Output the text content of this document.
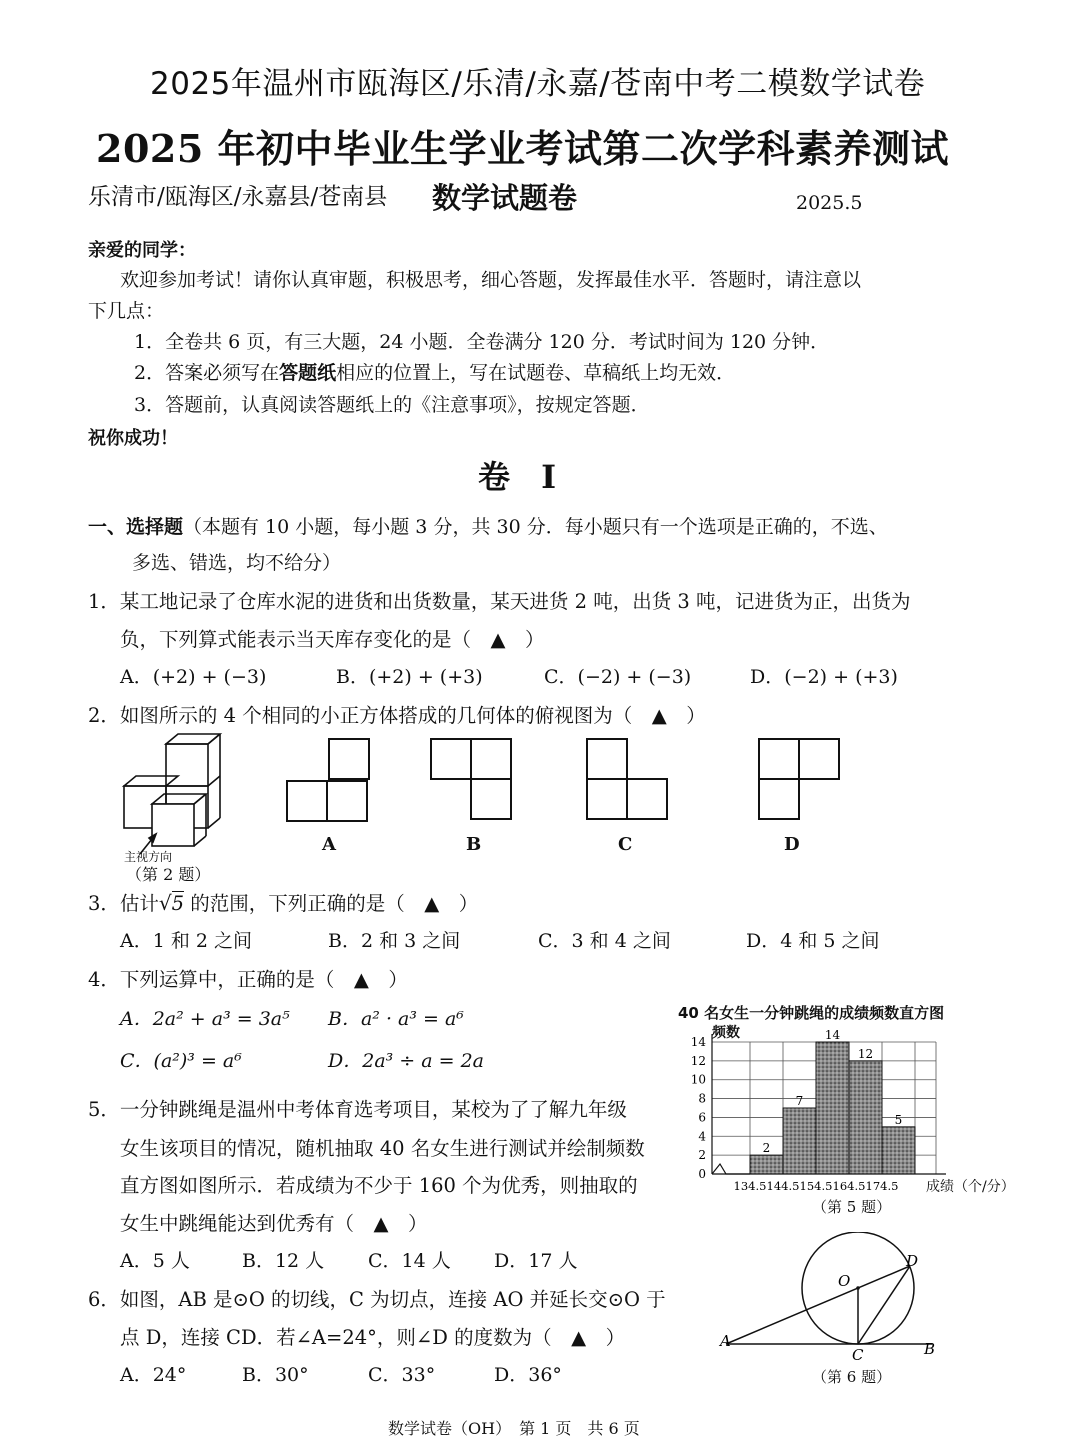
2025年温州市瓯海区/乐清/永嘉/苍南中考二模数学试卷
2025 年初中毕业生学业考试第二次学科素养测试
乐清市/瓯海区/永嘉县/苍南县 数学试题卷	2025.5
亲爱的同学：
欢迎参加考试！请你认真审题，积极思考，细心答题，发挥最佳水平．答题时，请注意以
下几点：
1．全卷共 6 页，有三大题，24 小题．全卷满分 120 分．考试时间为 120 分钟．
2．答案必须写在答题纸相应的位置上，写在试题卷、草稿纸上均无效．
3．答题前，认真阅读答题纸上的《注意事项》，按规定答题．
祝你成功！
卷 Ⅰ
一、选择题（本题有 10 小题，每小题 3 分，共 30 分．每小题只有一个选项是正确的，不选、
多选、错选，均不给分）
1．某工地记录了仓库水泥的进货和出货数量，某天进货 2 吨，出货 3 吨，记进货为正，出货为
负，下列算式能表示当天库存变化的是（　▲　）
A．(+2) + (−3)	B．(+2) + (+3)	C．(−2) + (−3)	D．(−2) + (+3)
2．如图所示的 4 个相同的小正方体搭成的几何体的俯视图为（　▲　）
主视方向
（第 2 题）
A	B	C	D
3．估计√5 的范围，下列正确的是（　▲　）
A．1 和 2 之间	B．2 和 3 之间	C．3 和 4 之间	D．4 和 5 之间
4．下列运算中，正确的是（　▲　）
A．2a² + a³ = 3a⁵ B．a² · a³ = a⁶
C．(a²)³ = a⁶	D．2a³ ÷ a = 2a
5．一分钟跳绳是温州中考体育选考项目，某校为了了解九年级
女生该项目的情况，随机抽取 40 名女生进行测试并绘制频数
直方图如图所示．若成绩为不少于 160 个为优秀，则抽取的
女生中跳绳能达到优秀有（　▲　）
A．5 人	B．12 人 C．14 人 D．17 人
40 名女生一分钟跳绳的成绩频数直方图
频数
2
7
14
12
5
0
2
4
6
8
10
12
14
134.5 144.5 154.5 164.5 174.5 成绩（个/分）
（第 5 题）
6．如图，AB 是⊙O 的切线，C 为切点，连接 AO 并延长交⊙O 于
点 D，连接 CD．若∠A=24°，则∠D 的度数为（　▲　）
A．24°	B．30°	C．33°	D．36°
O
D
A
C	B
（第 6 题）
数学试卷（OH）　第 1 页　共 6 页
